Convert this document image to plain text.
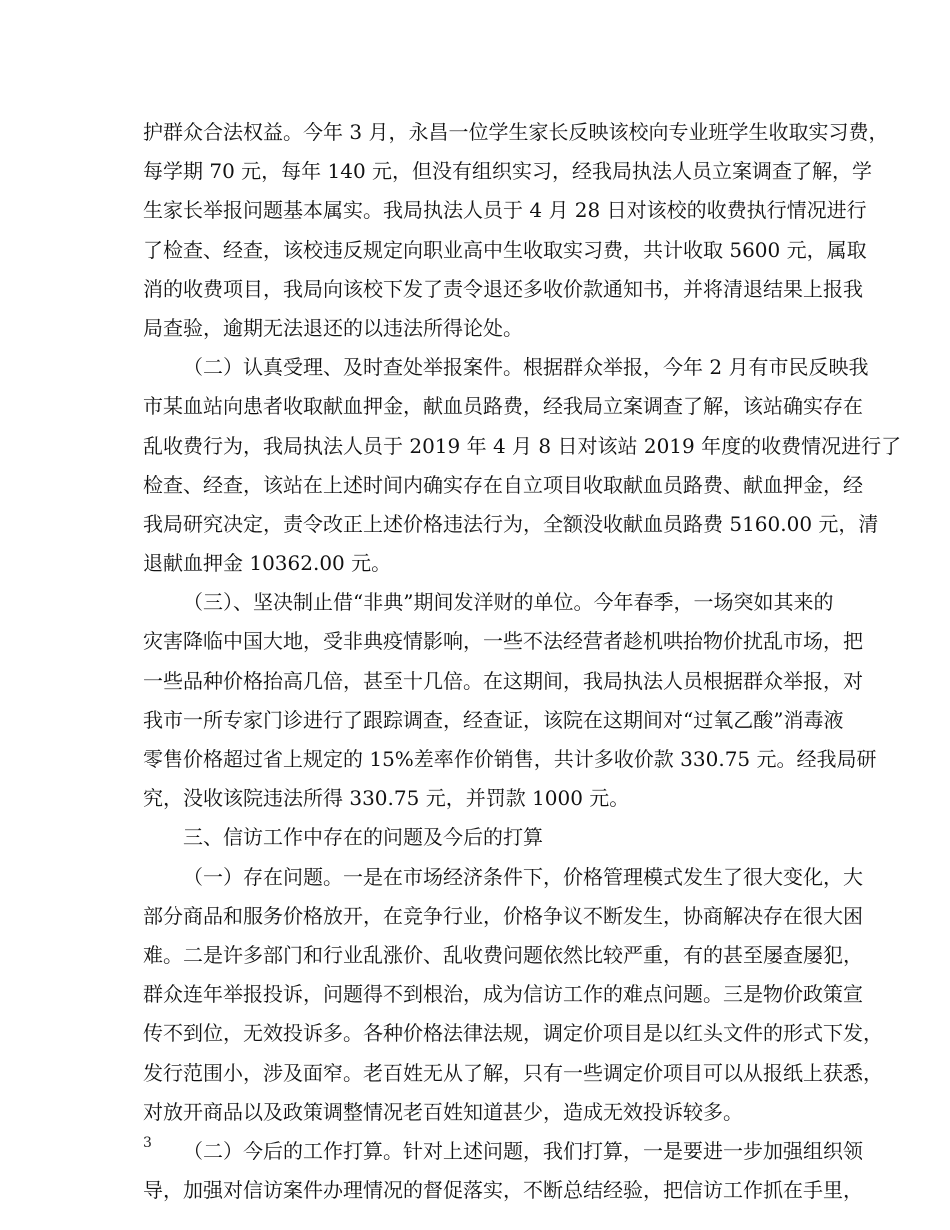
护群众合法权益。今年 3 月，永昌一位学生家长反映该校向专业班学生收取实习费，
每学期 70 元，每年 140 元，但没有组织实习，经我局执法人员立案调查了解，学
生家长举报问题基本属实。我局执法人员于 4 月 28 日对该校的收费执行情况进行
了检查、经查，该校违反规定向职业高中生收取实习费，共计收取 5600 元，属取
消的收费项目，我局向该校下发了责令退还多收价款通知书，并将清退结果上报我
局查验，逾期无法退还的以违法所得论处。
（二）认真受理、及时查处举报案件。根据群众举报，今年 2 月有市民反映我
市某血站向患者收取献血押金，献血员路费，经我局立案调查了解，该站确实存在
乱收费行为，我局执法人员于 2019 年 4 月 8 日对该站 2019 年度的收费情况进行了
检查、经查，该站在上述时间内确实存在自立项目收取献血员路费、献血押金，经
我局研究决定，责令改正上述价格违法行为，全额没收献血员路费 5160.00 元，清
退献血押金 10362.00 元。
（三）、坚决制止借“非典”期间发洋财的单位。今年春季，一场突如其来的
灾害降临中国大地，受非典疫情影响，一些不法经营者趁机哄抬物价扰乱市场，把
一些品种价格抬高几倍，甚至十几倍。在这期间，我局执法人员根据群众举报，对
我市一所专家门诊进行了跟踪调查，经查证，该院在这期间对“过氧乙酸”消毒液
零售价格超过省上规定的 15%差率作价销售，共计多收价款 330.75 元。经我局研
究，没收该院违法所得 330.75 元，并罚款 1000 元。
三、信访工作中存在的问题及今后的打算
（一）存在问题。一是在市场经济条件下，价格管理模式发生了很大变化，大
部分商品和服务价格放开，在竞争行业，价格争议不断发生，协商解决存在很大困
难。二是许多部门和行业乱涨价、乱收费问题依然比较严重，有的甚至屡查屡犯，
群众连年举报投诉，问题得不到根治，成为信访工作的难点问题。三是物价政策宣
传不到位，无效投诉多。各种价格法律法规，调定价项目是以红头文件的形式下发，
发行范围小，涉及面窄。老百姓无从了解，只有一些调定价项目可以从报纸上获悉，
对放开商品以及政策调整情况老百姓知道甚少，造成无效投诉较多。
（二）今后的工作打算。针对上述问题，我们打算，一是要进一步加强组织领
导，加强对信访案件办理情况的督促落实，不断总结经验，把信访工作抓在手里，
3
